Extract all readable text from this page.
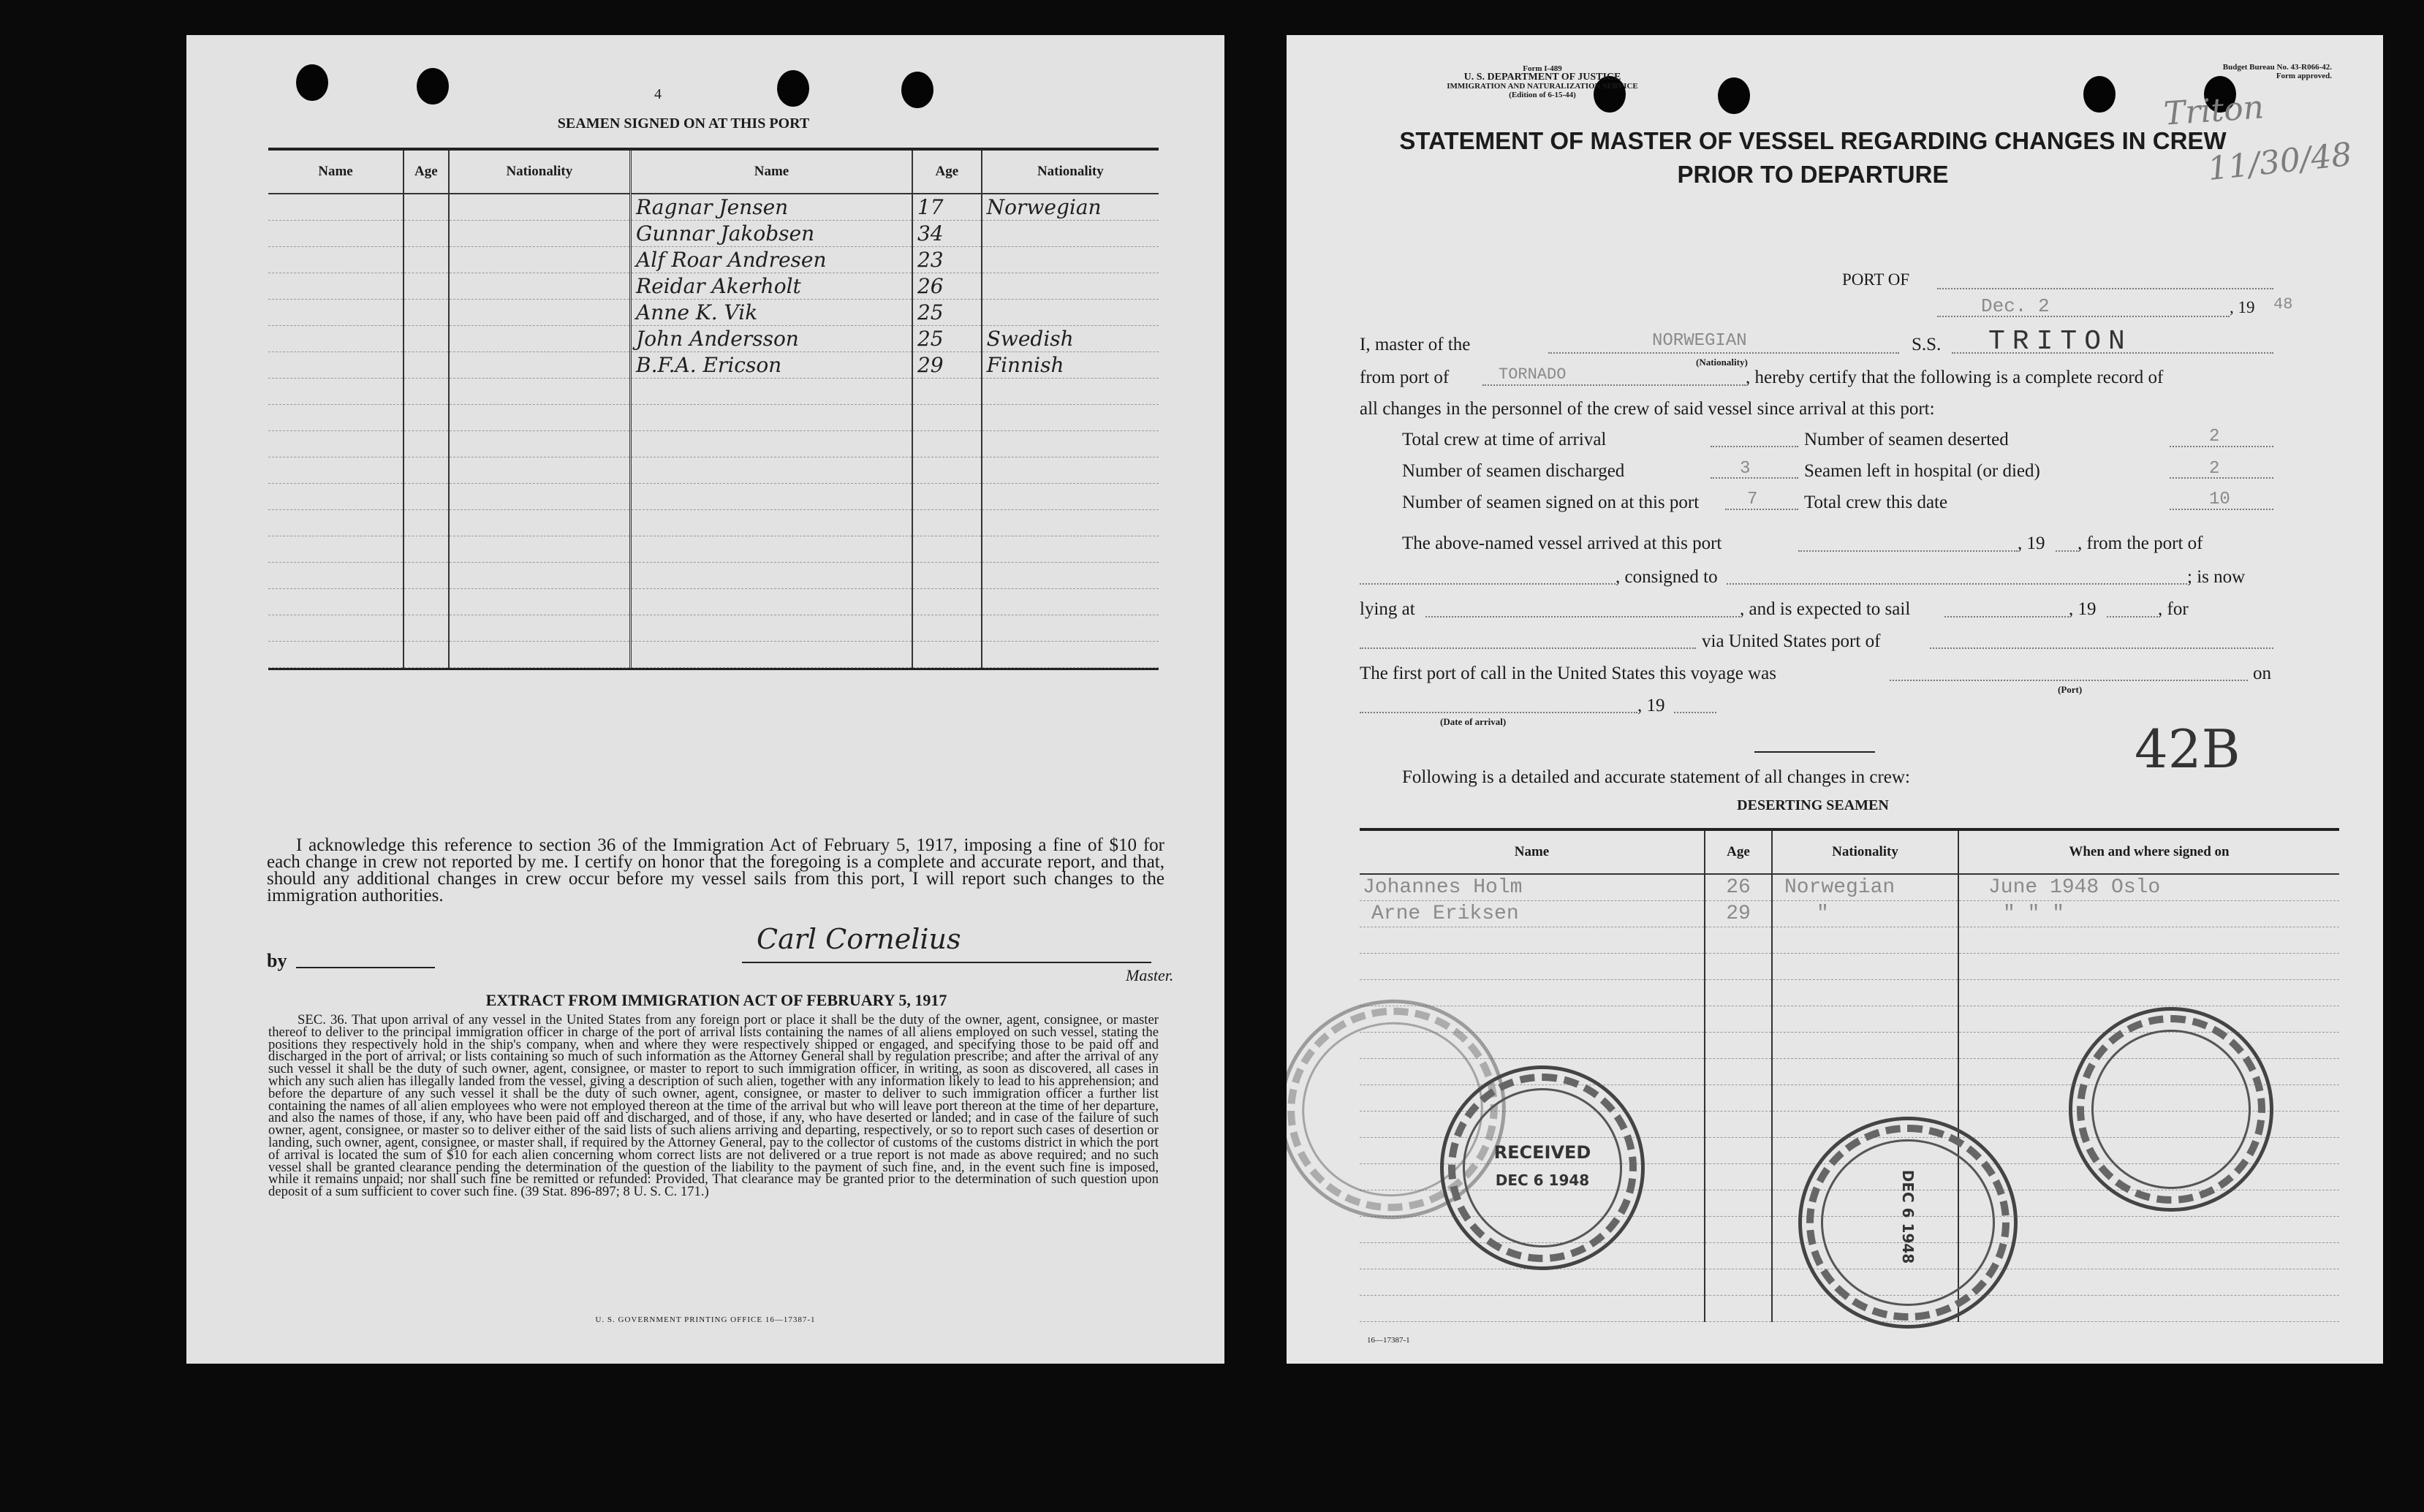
4
SEAMEN SIGNED ON AT THIS PORT
Name	Age	Nationality	Name	Age	Nationality
			Ragnar Jensen	17	Norwegian
			Gunnar Jakobsen	34	
			Alf Roar Andresen	23	
			Reidar Akerholt	26	
			Anne K. Vik	25	
			John Andersson	25	Swedish
			B.F.A. Ericson	29	Finnish

I acknowledge this reference to section 36 of the Immigration Act of February 5, 1917, imposing a fine of $10 for each change in crew not reported by me. I certify on honor that the foregoing is a complete and accurate report, and that, should any additional changes in crew occur before my vessel sails from this port, I will report such changes to the immigration authorities.
by
Carl Cornelius
Master.
EXTRACT FROM IMMIGRATION ACT OF FEBRUARY 5, 1917
SEC. 36. That upon arrival of any vessel in the United States from any foreign port or place it shall be the duty of the owner, agent, consignee, or master thereof to deliver to the principal immigration officer in charge of the port of arrival lists containing the names of all aliens employed on such vessel, stating the positions they respectively hold in the ship's company, when and where they were respectively shipped or engaged, and specifying those to be paid off and discharged in the port of arrival; or lists containing so much of such information as the Attorney General shall by regulation prescribe; and after the arrival of any such vessel it shall be the duty of such owner, agent, consignee, or master to report to such immigration officer, in writing, as soon as discovered, all cases in which any such alien has illegally landed from the vessel, giving a description of such alien, together with any information likely to lead to his apprehension; and before the departure of any such vessel it shall be the duty of such owner, agent, consignee, or master to deliver to such immigration officer a further list containing the names of all alien employees who were not employed thereon at the time of the arrival but who will leave port thereon at the time of her departure, and also the names of those, if any, who have been paid off and discharged, and of those, if any, who have deserted or landed; and in case of the failure of such owner, agent, consignee, or master so to deliver either of the said lists of such aliens arriving and departing, respectively, or so to report such cases of desertion or landing, such owner, agent, consignee, or master shall, if required by the Attorney General, pay to the collector of customs of the customs district in which the port of arrival is located the sum of $10 for each alien concerning whom correct lists are not delivered or a true report is not made as above required; and no such vessel shall be granted clearance pending the determination of the question of the liability to the payment of such fine, and, in the event such fine is imposed, while it remains unpaid; nor shall such fine be remitted or refunded: Provided, That clearance may be granted prior to the determination of such question upon deposit of a sum sufficient to cover such fine. (39 Stat. 896-897; 8 U. S. C. 171.)
U. S. GOVERNMENT PRINTING OFFICE 16—17387-1
Form I-489
U. S. DEPARTMENT OF JUSTICE
IMMIGRATION AND NATURALIZATION SERVICE
(Edition of 6-15-44)
Budget Bureau No. 43-R066-42.
Form approved.
Triton
11/30/48
STATEMENT OF MASTER OF VESSEL REGARDING CHANGES IN CREW
PRIOR TO DEPARTURE
PORT OF
Dec. 2	, 19 48
I, master of the	NORWEGIAN
(Nationality)
S.S. TRITON
from port of	TORNADO	, hereby certify that the following is a complete record of
all changes in the personnel of the crew of said vessel since arrival at this port:
Total crew at time of arrival	Number of seamen deserted	2
Number of seamen discharged	3	Seamen left in hospital (or died)	2
Number of seamen signed on at this port	7	Total crew this date	10
The above-named vessel arrived at this port	, 19 , from the port of
, consigned to	; is now
lying at	, and is expected to sail	, 19	, for
via United States port of
The first port of call in the United States this voyage was
(Port)
on
, 19
(Date of arrival)	42B
Following is a detailed and accurate statement of all changes in crew:
DESERTING SEAMEN
Name	Age	Nationality	When and where signed on
Johannes Holm	26	Norwegian	June 1948 Oslo
Arne Eriksen	29	"	" " "

RECEIVED
DEC 6 1948	DEC 6 1948
16—17387-1
